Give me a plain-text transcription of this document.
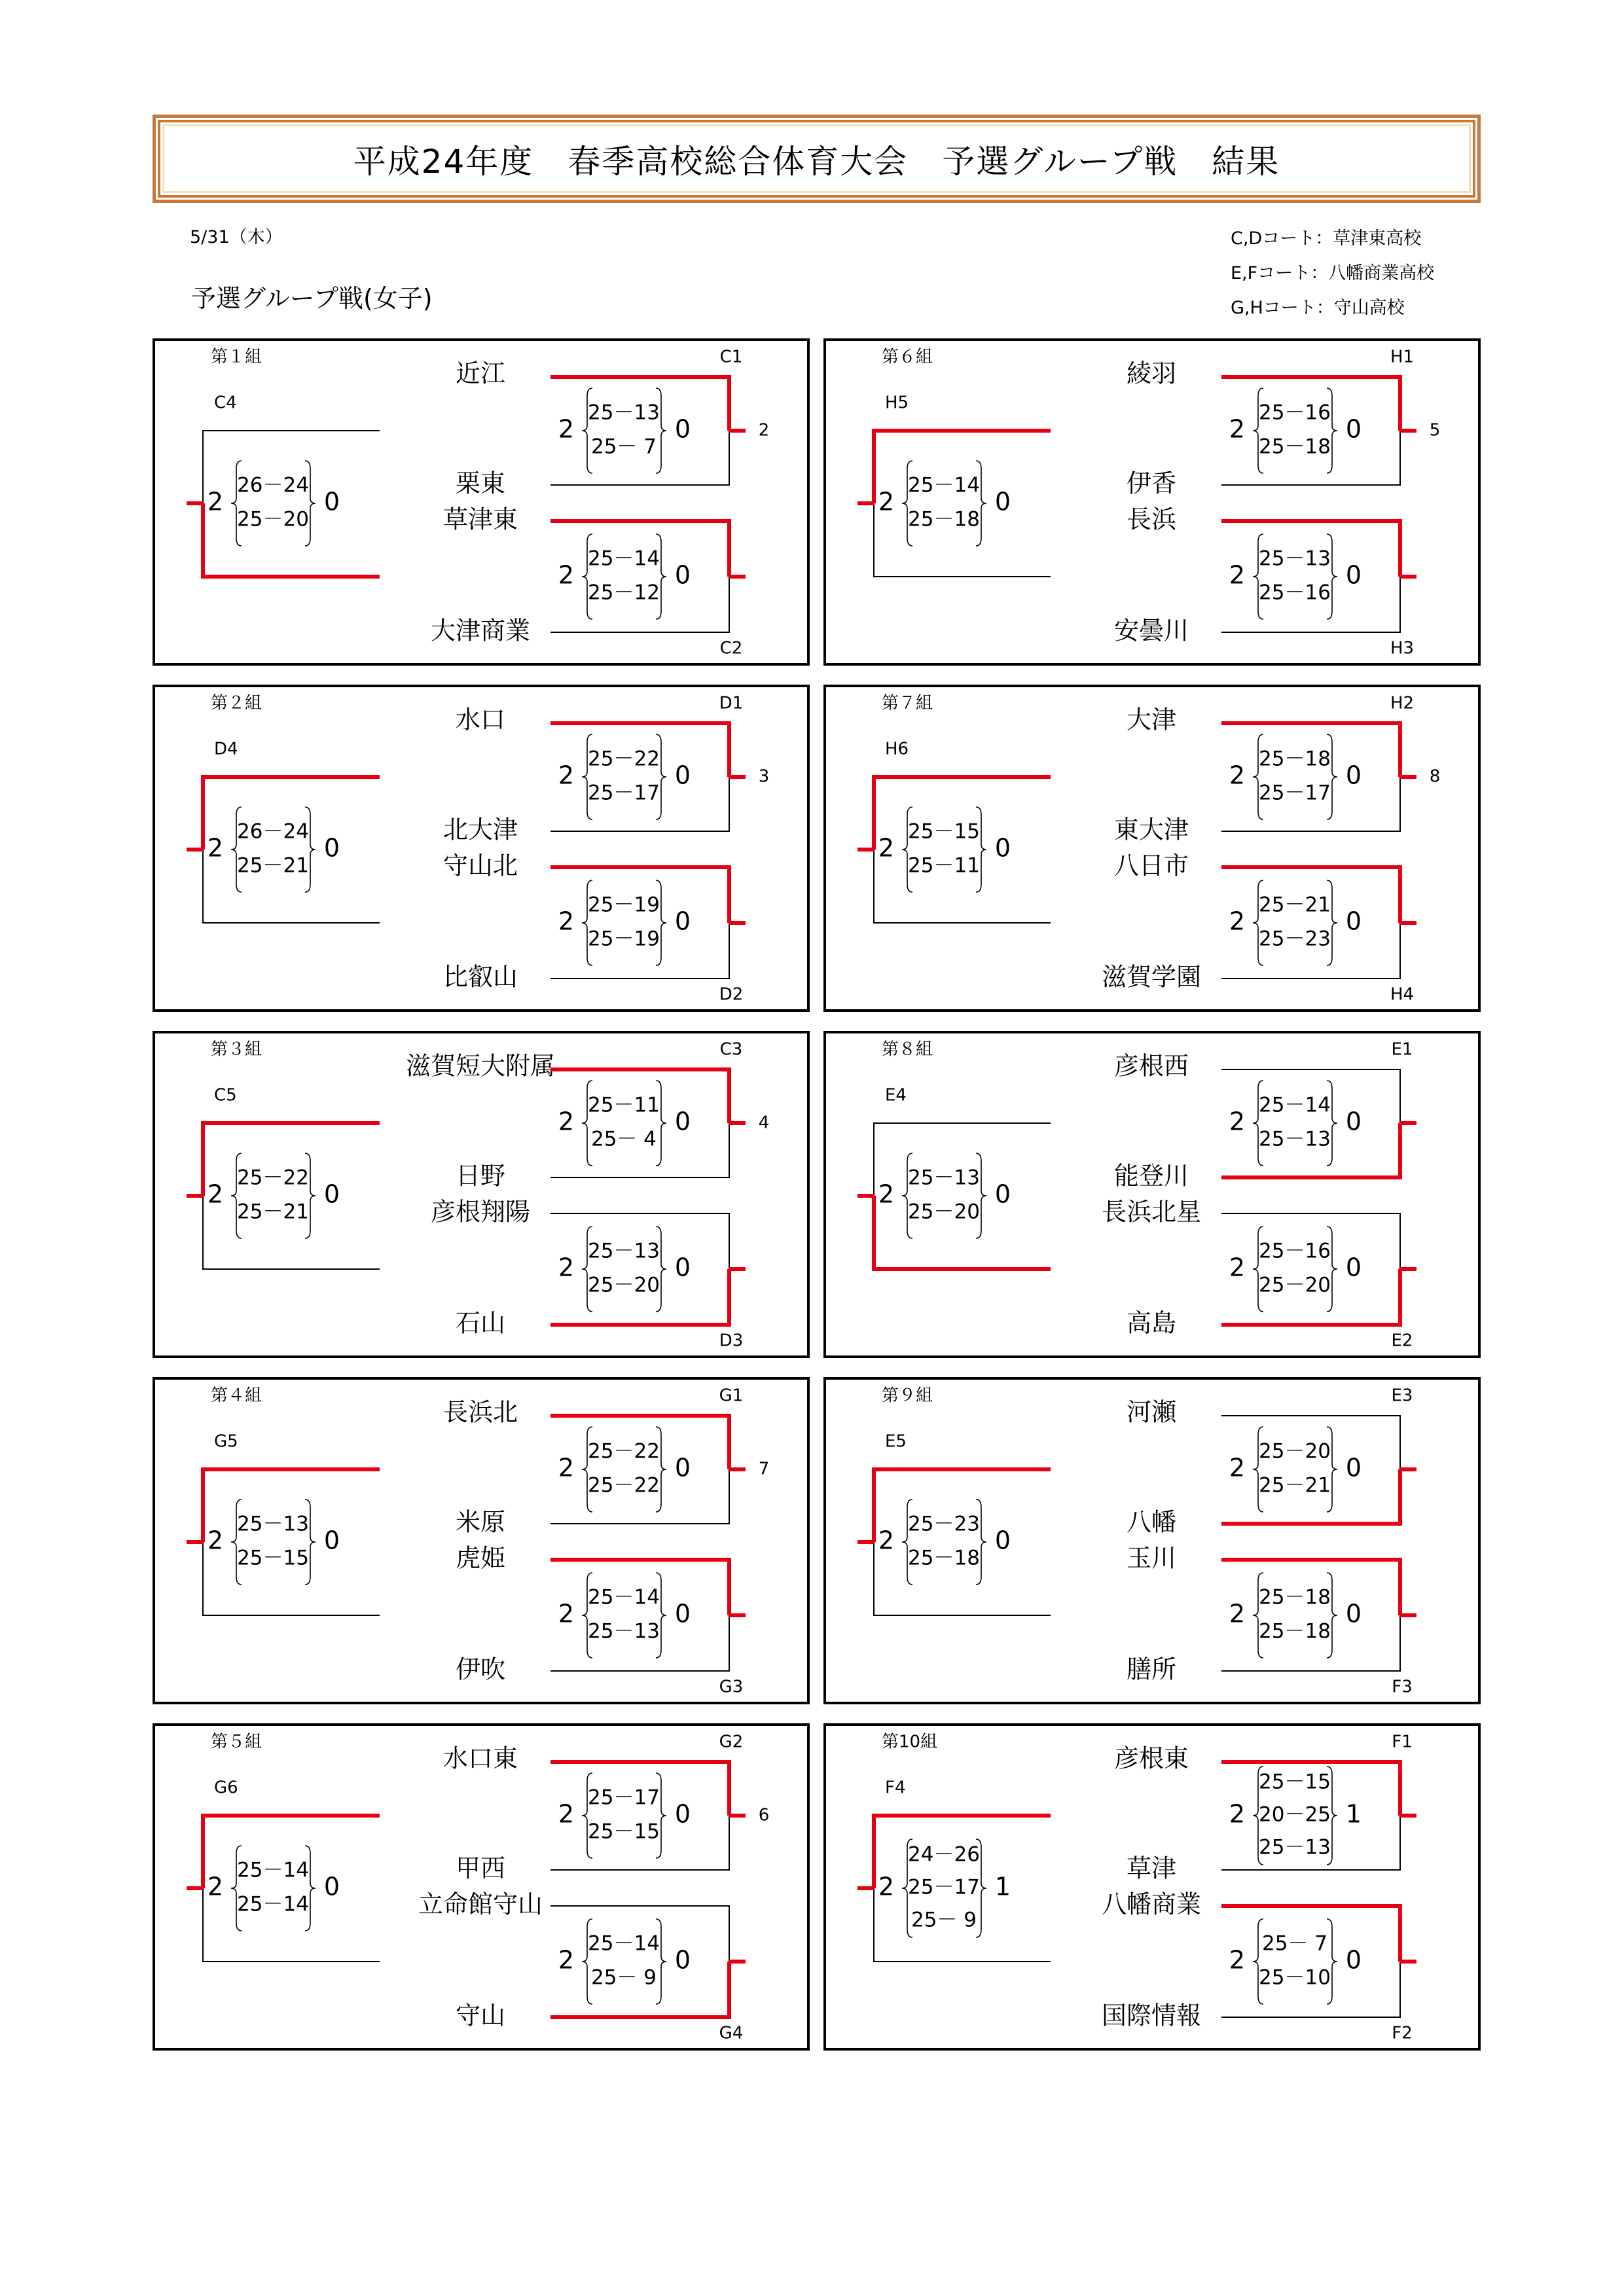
平成24年度　春季高校総合体育大会　予選グループ戦　結果
5/31（木）
予選グループ戦(女子)
C,Dコート：草津東高校
E,Fコート：八幡商業高校
G,Hコート：守山高校
第１組
C4
C1
C2
近江
栗東
草津東
大津商業
2
26－24
25－20
0
2
25－13
25－ 7
0	2
2
25－14
25－12
0
第２組
D4
D1
D2
水口
北大津
守山北
比叡山
2
26－24
25－21
0
2
25－22
25－17
0	3
2
25－19
25－19
0
第３組
C5
C3
D3
滋賀短大附属
日野
彦根翔陽
石山
2
25－22
25－21
0
2
25－11
25－ 4
0	4
2
25－13
25－20
0
第４組
G5
G1
G3
長浜北
米原
虎姫
伊吹
2
25－13
25－15
0
2
25－22
25－22
0	7
2
25－14
25－13
0
第５組
G6
G2
G4
水口東
甲西
立命館守山
守山
2
25－14
25－14
0
2
25－17
25－15
0	6
2
25－14
25－ 9
0
第６組
H5
H1
H3
綾羽
伊香
長浜
安曇川
2
25－14
25－18
0
2
25－16
25－18
0	5
2
25－13
25－16
0
第７組
H6
H2
H4
大津
東大津
八日市
滋賀学園
2
25－15
25－11
0
2
25－18
25－17
0	8
2
25－21
25－23
0
第８組
E4
E1
E2
彦根西
能登川
長浜北星
高島
2
25－13
25－20
0
2
25－14
25－13
0
2
25－16
25－20
0
第９組
E5
E3
F3
河瀬
八幡
玉川
膳所
2
25－23
25－18
0
2
25－20
25－21
0
2
25－18
25－18
0
第10組
F4
F1
F2
彦根東
草津
八幡商業
国際情報
2
24－26
25－17
25－ 9
1
2
25－15
20－25
25－13
1
2
25－ 7
25－10
0
